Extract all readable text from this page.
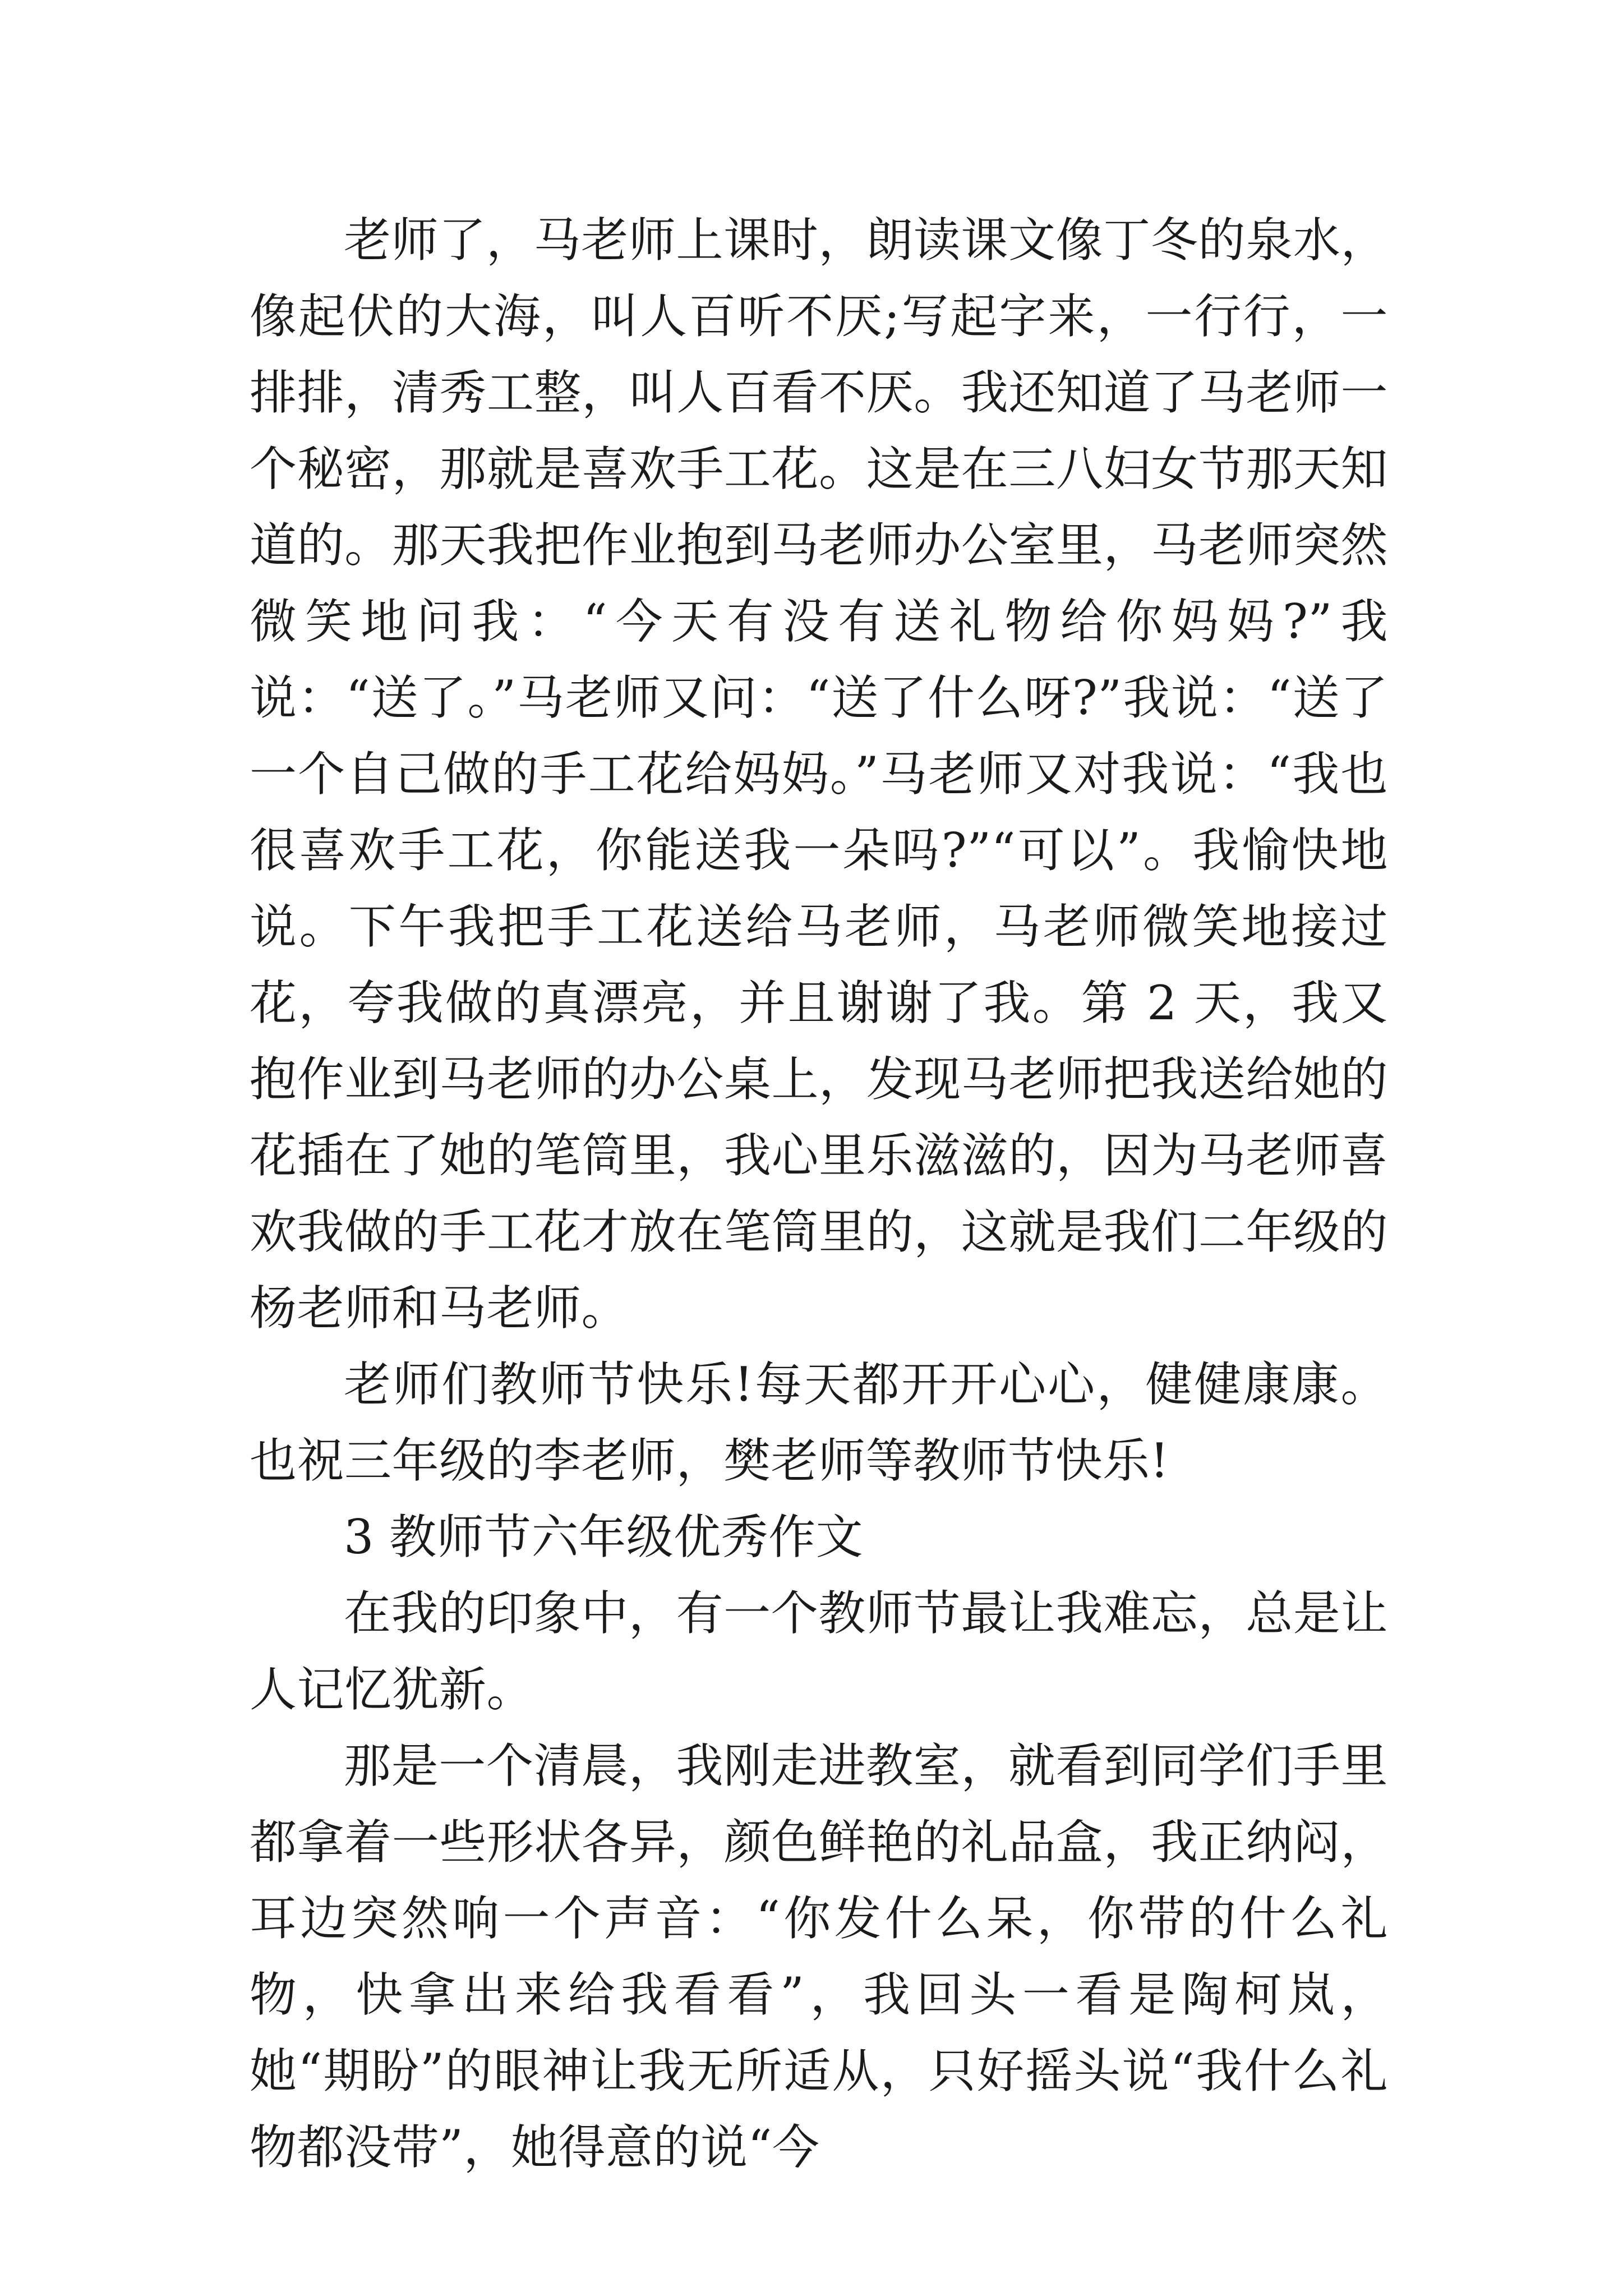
老师了，马老师上课时，朗读课文像丁冬的泉水，像起伏的大海，叫人百听不厌;写起字来，一行行，一排排，清秀工整，叫人百看不厌。我还知道了马老师一个秘密，那就是喜欢手工花。这是在三八妇女节那天知道的。那天我把作业抱到马老师办公室里，马老师突然微笑地问我：“今天有没有送礼物给你妈妈?”我说：“送了。”马老师又问：“送了什么呀?”我说：“送了一个自己做的手工花给妈妈。”马老师又对我说：“我也很喜欢手工花，你能送我一朵吗?”“可以”。我愉快地说。下午我把手工花送给马老师，马老师微笑地接过花，夸我做的真漂亮，并且谢谢了我。第 2 天，我又抱作业到马老师的办公桌上，发现马老师把我送给她的花插在了她的笔筒里，我心里乐滋滋的，因为马老师喜欢我做的手工花才放在笔筒里的，这就是我们二年级的杨老师和马老师。

老师们教师节快乐!每天都开开心心，健健康康。也祝三年级的李老师，樊老师等教师节快乐!

3 教师节六年级优秀作文

在我的印象中，有一个教师节最让我难忘，总是让人记忆犹新。

那是一个清晨，我刚走进教室，就看到同学们手里都拿着一些形状各异，颜色鲜艳的礼品盒，我正纳闷，耳边突然响一个声音：“你发什么呆，你带的什么礼物，快拿出来给我看看”，我回头一看是陶柯岚，她“期盼”的眼神让我无所适从，只好摇头说“我什么礼物都没带”，她得意的说“今
